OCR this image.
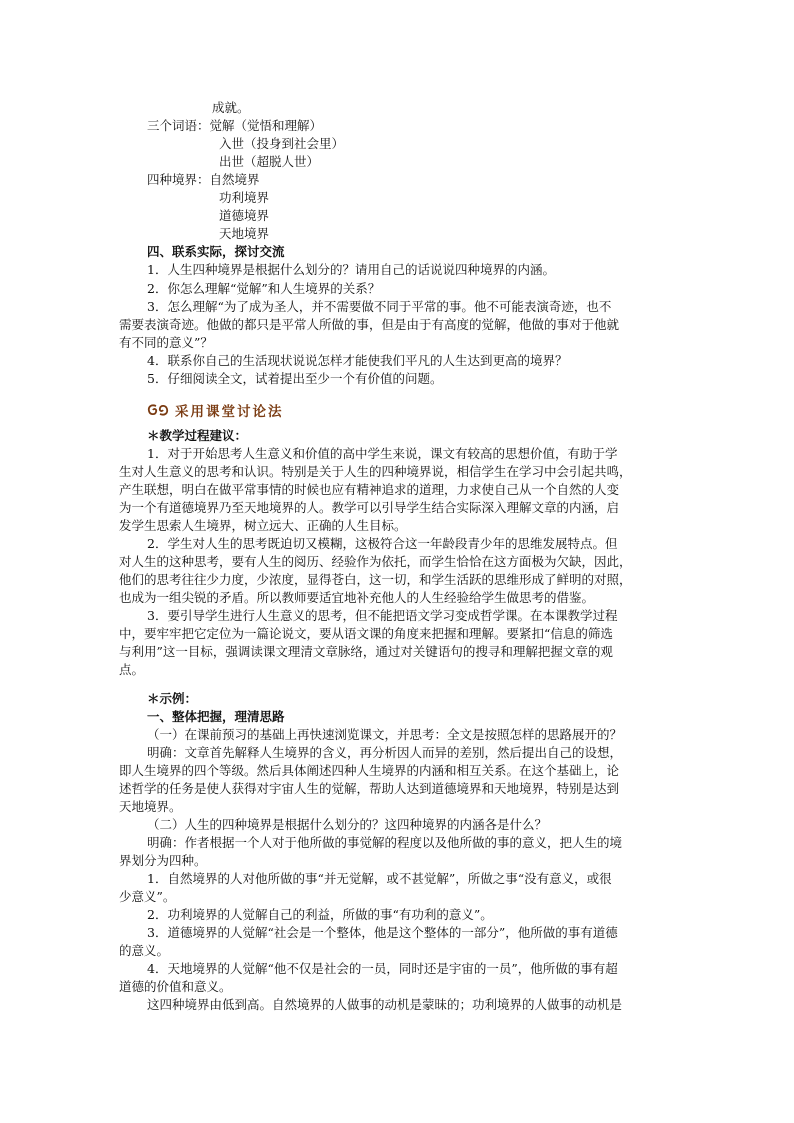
成就。
三个词语：觉解（觉悟和理解）
入世（投身到社会里）
出世（超脱人世）
四种境界：自然境界
功利境界
道德境界
天地境界
四、联系实际，探讨交流
1．人生四种境界是根据什么划分的？请用自己的话说说四种境界的内涵。
2．你怎么理解“觉解”和人生境界的关系？
3．怎么理解“为了成为圣人，并不需要做不同于平常的事。他不可能表演奇迹，也不
需要表演奇迹。他做的都只是平常人所做的事，但是由于有高度的觉解，他做的事对于他就
有不同的意义”？
4．联系你自己的生活现状说说怎样才能使我们平凡的人生达到更高的境界？
5．仔细阅读全文，试着提出至少一个有价值的问题。
采用课堂讨论法
＊教学过程建议：
1．对于开始思考人生意义和价值的高中学生来说，课文有较高的思想价值，有助于学
生对人生意义的思考和认识。特别是关于人生的四种境界说，相信学生在学习中会引起共鸣，
产生联想，明白在做平常事情的时候也应有精神追求的道理，力求使自己从一个自然的人变
为一个有道德境界乃至天地境界的人。教学可以引导学生结合实际深入理解文章的内涵，启
发学生思索人生境界，树立远大、正确的人生目标。
2．学生对人生的思考既迫切又模糊，这极符合这一年龄段青少年的思维发展特点。但
对人生的这种思考，要有人生的阅历、经验作为依托，而学生恰恰在这方面极为欠缺，因此，
他们的思考往往少力度，少浓度，显得苍白，这一切，和学生活跃的思维形成了鲜明的对照，
也成为一组尖锐的矛盾。所以教师要适宜地补充他人的人生经验给学生做思考的借鉴。
3．要引导学生进行人生意义的思考，但不能把语文学习变成哲学课。在本课教学过程
中，要牢牢把它定位为一篇论说文，要从语文课的角度来把握和理解。要紧扣“信息的筛选
与利用”这一目标，强调读课文理清文章脉络，通过对关键语句的搜寻和理解把握文章的观
点。
＊示例：
一、整体把握，理清思路
（一）在课前预习的基础上再快速浏览课文，并思考：全文是按照怎样的思路展开的？
明确：文章首先解释人生境界的含义，再分析因人而异的差别，然后提出自己的设想，
即人生境界的四个等级。然后具体阐述四种人生境界的内涵和相互关系。在这个基础上，论
述哲学的任务是使人获得对宇宙人生的觉解，帮助人达到道德境界和天地境界，特别是达到
天地境界。
（二）人生的四种境界是根据什么划分的？这四种境界的内涵各是什么？
明确：作者根据一个人对于他所做的事觉解的程度以及他所做的事的意义，把人生的境
界划分为四种。
1．自然境界的人对他所做的事“并无觉解，或不甚觉解”，所做之事“没有意义，或很
少意义”。
2．功利境界的人觉解自己的利益，所做的事“有功利的意义”。
3．道德境界的人觉解“社会是一个整体，他是这个整体的一部分”，他所做的事有道德
的意义。
4．天地境界的人觉解“他不仅是社会的一员，同时还是宇宙的一员”，他所做的事有超
道德的价值和意义。
这四种境界由低到高。自然境界的人做事的动机是蒙昧的；功利境界的人做事的动机是
